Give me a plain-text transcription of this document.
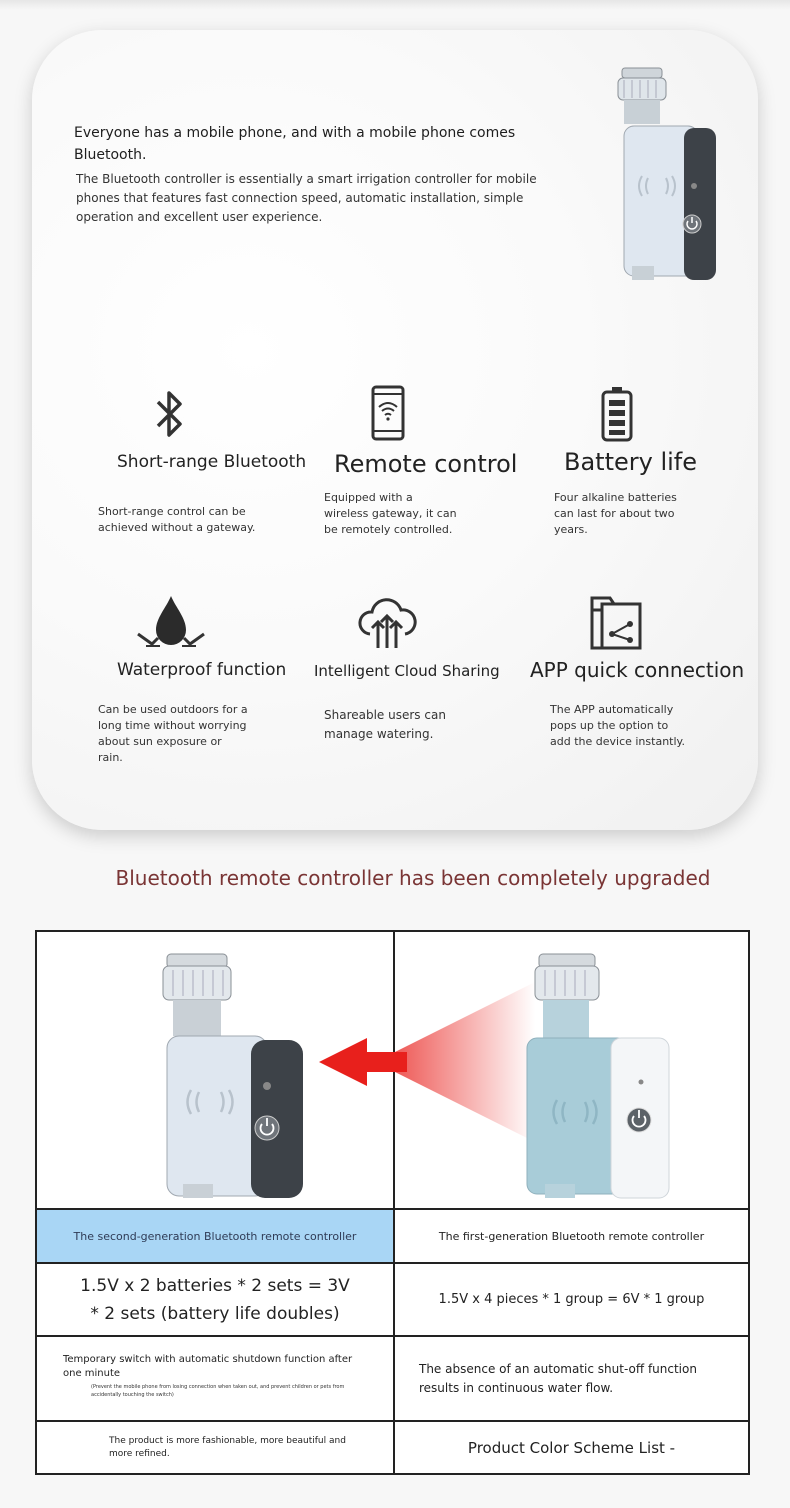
Everyone has a mobile phone, and with a mobile phone comes Bluetooth.

The Bluetooth controller is essentially a smart irrigation controller for mobile phones that features fast connection speed, automatic installation, simple operation and excellent user experience.

Short-range Bluetooth
Short-range control can be achieved without a gateway.
Remote control
Equipped with a wireless gateway, it can be remotely controlled.
Battery life
Four alkaline batteries can last for about two years.
Waterproof function
Can be used outdoors for a long time without worrying about sun exposure or rain.
Intelligent Cloud Sharing
Shareable users can manage watering.
APP quick connection
The APP automatically pops up the option to add the device instantly.
Bluetooth remote controller has been completely upgraded
The second-generation Bluetooth remote controller	The first-generation Bluetooth remote controller
1.5V x 2 batteries * 2 sets = 3V * 2 sets (battery life doubles)
1.5V x 4 pieces * 1 group = 6V * 1 group
Temporary switch with automatic shutdown function after one minute
(Prevent the mobile phone from losing connection when taken out, and prevent children or pets from accidentally touching the switch)
The absence of an automatic shut-off function results in continuous water flow.
The product is more fashionable, more beautiful and more refined.	Product Color Scheme List -
